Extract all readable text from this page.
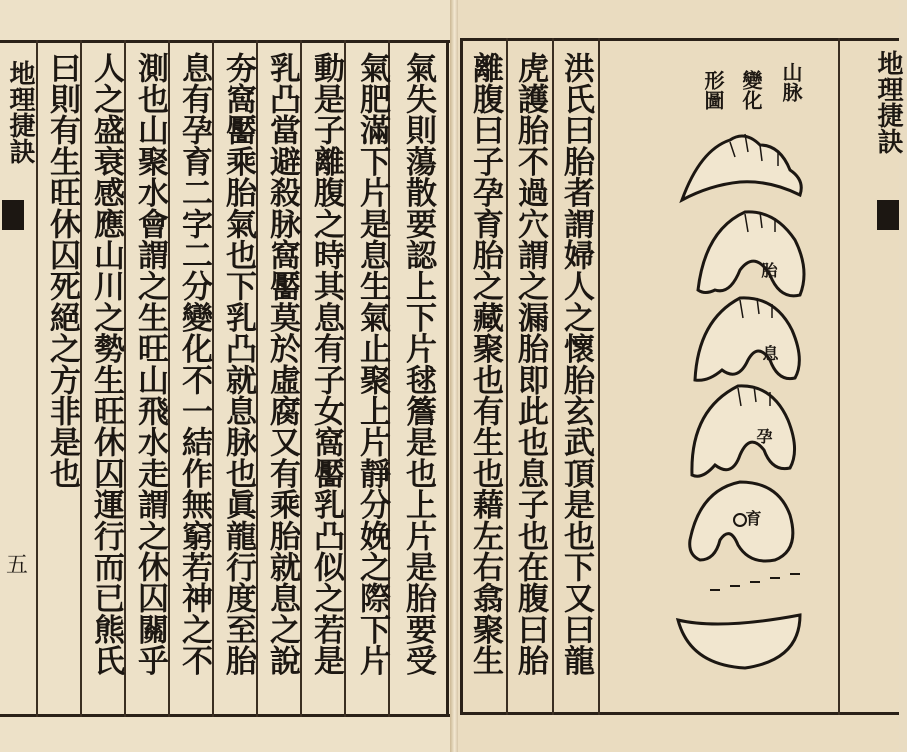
地理捷訣
五	氣失則蕩散要認上下片毬簷是也上片是胎要受
氣肥滿下片是息生氣止聚上片靜分娩之際下片
動是子離腹之時其息有子女窩靨乳凸似之若是
乳凸當避殺脉窩靨莫於虛腐又有乘胎就息之說
夯窩靨乘胎氣也下乳凸就息脉也眞龍行度至胎
息有孕育二字二分變化不一結作無窮若神之不
測也山聚水會謂之生旺山飛水走謂之休囚關乎
人之盛衰感應山川之勢生旺休囚運行而已熊氏
曰則有生旺休囚死絕之方非是也	地理捷訣
洪氏曰胎者謂婦人之懷胎玄武頂是也下又曰龍
虎護胎不過穴謂之漏胎即此也息子也在腹曰胎
離腹曰子孕育胎之藏聚也有生也藉左右翕聚生	山脉
變化
形圖
胎
息
孕
育
